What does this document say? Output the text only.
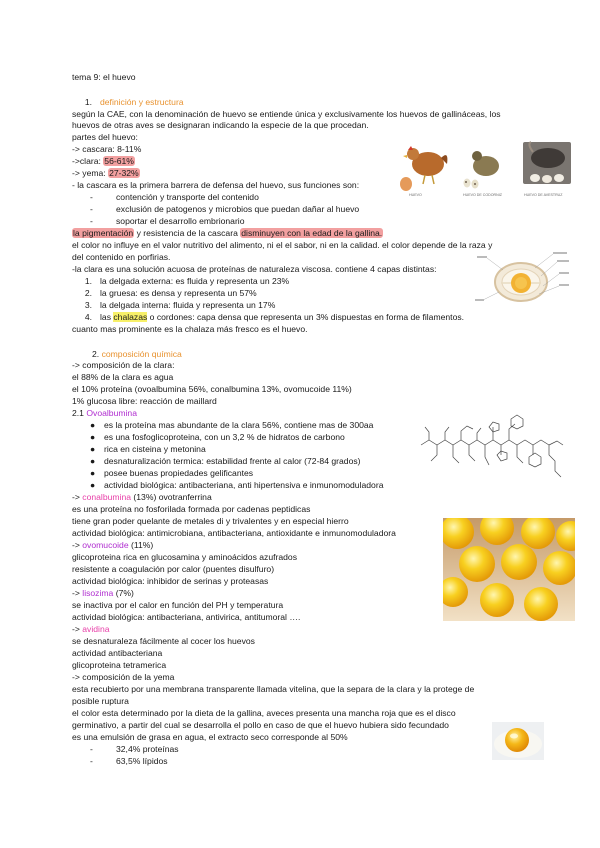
tema 9: el huevo
1. definición y estructura
según la CAE, con la denominación de huevo se entiende única y exclusivamente los huevos de gallináceas, los
huevos de otras aves se designaran indicando la especie de la que procedan.
partes del huevo:
-> cascara: 8-11%
->clara: 56-61%
-> yema: 27-32%
- la cascara es la primera barrera de defensa del huevo, sus funciones son:
-	contención y transporte del contenido
-	exclusión de patogenos y microbios que puedan dañar al huevo
-	soportar el desarrollo embrionario
la pigmentación y resistencia de la cascara disminuyen con la edad de la gallina.
el color no influye en el valor nutritivo del alimento, ni el el sabor, ni en la calidad. el color depende de la raza y
del contenido en porfirias.
-la clara es una solución acuosa de proteínas de naturaleza viscosa. contiene 4 capas distintas:
1. la delgada externa: es fluida y representa un 23%
2. la gruesa: es densa y representa un 57%
3. la delgada interna: fluida y representa un 17%
4. las chalazas o cordones: capa densa que representa un 3% dispuestas en forma de filamentos.
cuanto mas prominente es la chalaza más fresco es el huevo.
2. composición química
-> composición de la clara:
el 88% de la clara es agua
el 10% proteína (ovoalbumina 56%, conalbumina 13%, ovomucoide 11%)
1% glucosa libre: reacción de maillard
2.1 Ovoalbumina
● es la proteína mas abundante de la clara 56%, contiene mas de 300aa
● es una fosfoglicoproteina, con un 3,2 % de hidratos de carbono
● rica en cisteina y metonina
● desnaturalización termica: estabilidad frente al calor (72-84 grados)
● posee buenas propiedades gelificantes
● actividad biológica: antibacteriana, anti hipertensiva e inmunomoduladora
-> conalbumina (13%) ovotranferrina
es una proteína no fosforilada formada por cadenas peptidicas
tiene gran poder quelante de metales di y trivalentes y en especial hierro
actividad biológica: antimicrobiana, antibacteriana, antioxidante e inmunomoduladora
-> ovomucoide (11%)
glicoproteina rica en glucosamina y aminoácidos azufrados
resistente a coagulación por calor (puentes disulfuro)
actividad biológica: inhibidor de serinas y proteasas
-> lisozima (7%)
se inactiva por el calor en función del PH y temperatura
actividad biológica: antibacteriana, antivirica, antitumoral ….
-> avidina
se desnaturaleza fácilmente al cocer los huevos
actividad antibacteriana
glicoproteina tetramerica
-> composición de la yema
esta recubierto por una membrana transparente llamada vitelina, que la separa de la clara y la protege de
posible ruptura
el color esta determinado por la dieta de la gallina, aveces presenta una mancha roja que es el disco
germinativo, a partir del cual se desarrolla el pollo en caso de que el huevo hubiera sido fecundado
es una emulsión de grasa en agua, el extracto seco corresponde al 50%
-	32,4% proteínas
-	63,5% lípidos
HUEVO	HUEVO DE CODORNIZ	HUEVO DE AVESTRUZ
